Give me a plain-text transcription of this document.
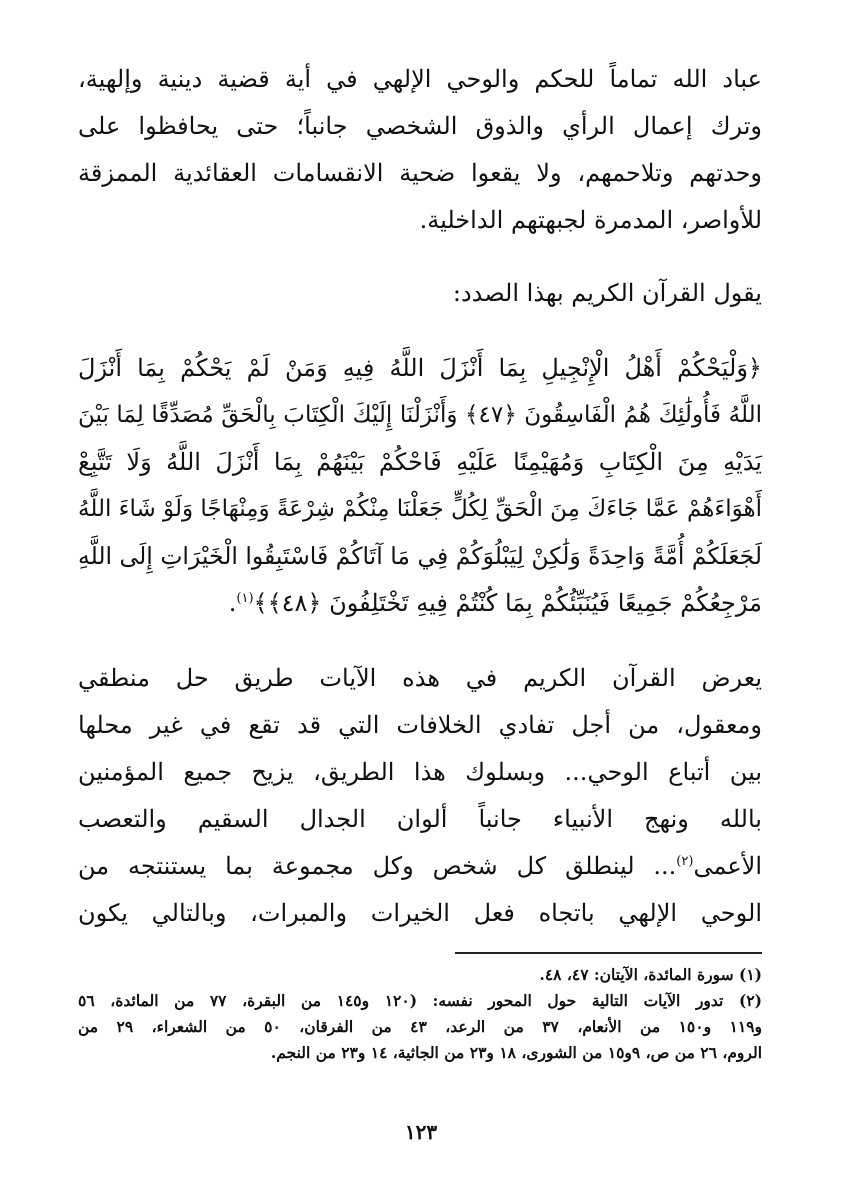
عباد الله تماماً للحكم والوحي الإلهي في أية قضية دينية وإلهية،
وترك إعمال الرأي والذوق الشخصي جانباً؛ حتى يحافظوا على
وحدتهم وتلاحمهم، ولا يقعوا ضحية الانقسامات العقائدية الممزقة
للأواصر، المدمرة لجبهتهم الداخلية.
يقول القرآن الكريم بهذا الصدد:
﴿وَلْيَحْكُمْ أَهْلُ الْإِنْجِيلِ بِمَا أَنْزَلَ اللَّهُ فِيهِ وَمَنْ لَمْ يَحْكُمْ بِمَا أَنْزَلَ
اللَّهُ فَأُولَٰئِكَ هُمُ الْفَاسِقُونَ ﴿٤٧﴾ وَأَنْزَلْنَا إِلَيْكَ الْكِتَابَ بِالْحَقِّ مُصَدِّقًا لِمَا بَيْنَ
يَدَيْهِ مِنَ الْكِتَابِ وَمُهَيْمِنًا عَلَيْهِ فَاحْكُمْ بَيْنَهُمْ بِمَا أَنْزَلَ اللَّهُ وَلَا تَتَّبِعْ
أَهْوَاءَهُمْ عَمَّا جَاءَكَ مِنَ الْحَقِّ لِكُلٍّ جَعَلْنَا مِنْكُمْ شِرْعَةً وَمِنْهَاجًا وَلَوْ شَاءَ اللَّهُ
لَجَعَلَكُمْ أُمَّةً وَاحِدَةً وَلَٰكِنْ لِيَبْلُوَكُمْ فِي مَا آتَاكُمْ فَاسْتَبِقُوا الْخَيْرَاتِ إِلَى اللَّهِ
مَرْجِعُكُمْ جَمِيعًا فَيُنَبِّئُكُمْ بِمَا كُنْتُمْ فِيهِ تَخْتَلِفُونَ ﴿٤٨﴾﴾$^{(١)}$.
يعرض القرآن الكريم في هذه الآيات طريق حل منطقي
ومعقول، من أجل تفادي الخلافات التي قد تقع في غير محلها
بين أتباع الوحي... وبسلوك هذا الطريق، يزيح جميع المؤمنين
بالله ونهج الأنبياء جانباً ألوان الجدال السقيم والتعصب
الأعمى$^{(٢)}$... لينطلق كل شخص وكل مجموعة بما يستنتجه من
الوحي الإلهي باتجاه فعل الخيرات والمبرات، وبالتالي يكون
(١) سورة المائدة، الآيتان: ٤٧، ٤٨.
(٢) تدور الآيات التالية حول المحور نفسه: (١٢٠ و١٤٥ من البقرة، ٧٧ من المائدة، ٥٦
و١١٩ و١٥٠ من الأنعام، ٣٧ من الرعد، ٤٣ من الفرقان، ٥٠ من الشعراء، ٢٩ من
الروم، ٢٦ من ص، ٩و١٥ من الشورى، ١٨ و٢٣ من الجاثية، ١٤ و٢٣ من النجم.
١٢٣
